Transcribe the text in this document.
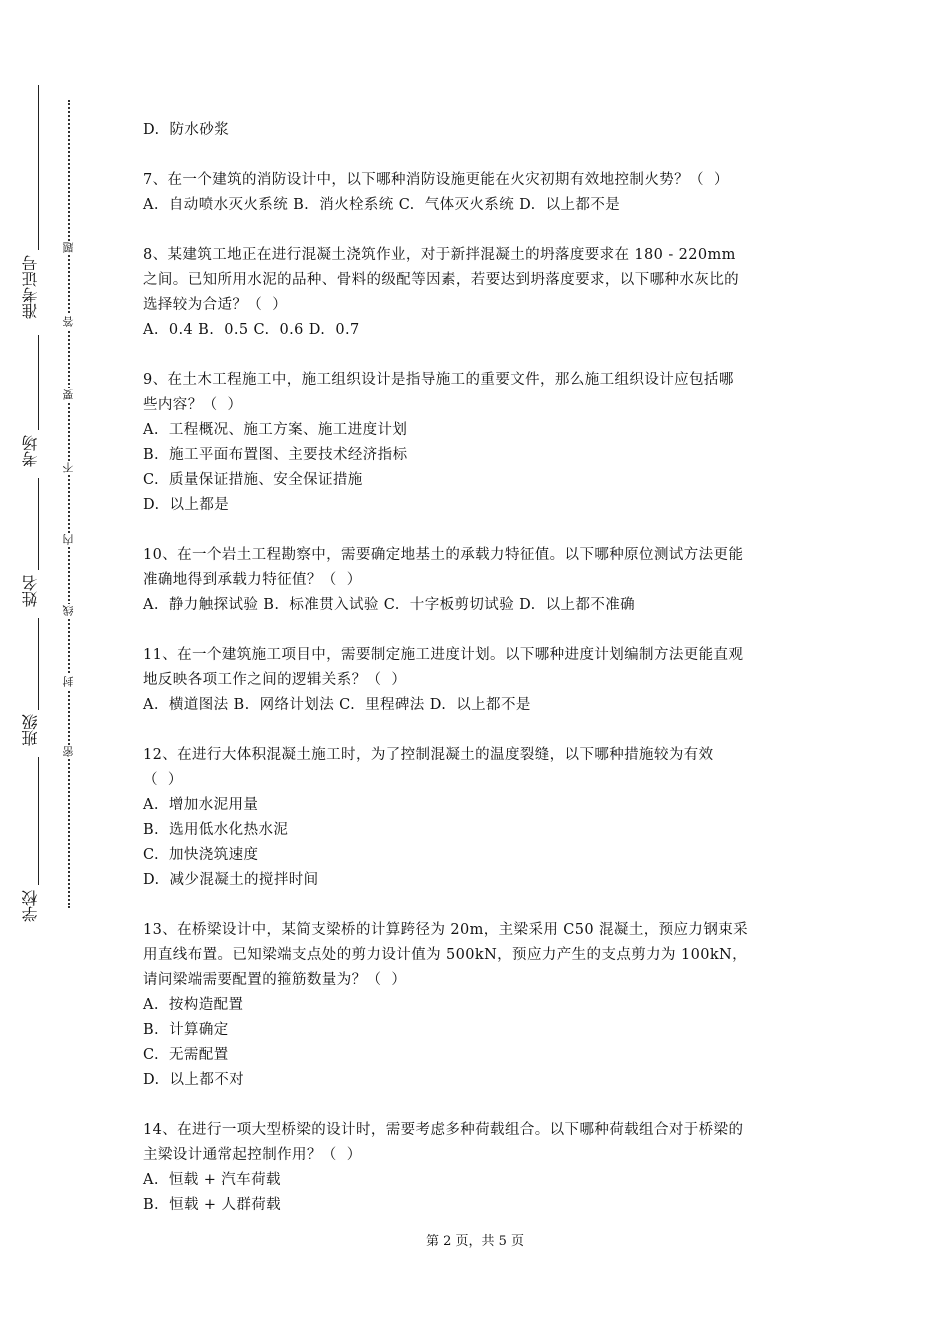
准考证号
考场
姓名
班级
学校
题
答
要
不
内
线
封
密
D.  防水砂浆
7、在一个建筑的消防设计中，以下哪种消防设施更能在火灾初期有效地控制火势？（  ）
A.  自动喷水灭火系统 B.  消火栓系统 C.  气体灭火系统 D.  以上都不是
8、某建筑工地正在进行混凝土浇筑作业，对于新拌混凝土的坍落度要求在 180 - 220mm
之间。已知所用水泥的品种、骨料的级配等因素，若要达到坍落度要求，以下哪种水灰比的
选择较为合适？（  ）
A.  0.4 B.  0.5 C.  0.6 D.  0.7
9、在土木工程施工中，施工组织设计是指导施工的重要文件，那么施工组织设计应包括哪
些内容？（  ）
A.  工程概况、施工方案、施工进度计划
B.  施工平面布置图、主要技术经济指标
C.  质量保证措施、安全保证措施
D.  以上都是
10、在一个岩土工程勘察中，需要确定地基土的承载力特征值。以下哪种原位测试方法更能
准确地得到承载力特征值？（  ）
A.  静力触探试验 B.  标准贯入试验 C.  十字板剪切试验 D.  以上都不准确
11、在一个建筑施工项目中，需要制定施工进度计划。以下哪种进度计划编制方法更能直观
地反映各项工作之间的逻辑关系？（  ）
A.  横道图法 B.  网络计划法 C.  里程碑法 D.  以上都不是
12、在进行大体积混凝土施工时，为了控制混凝土的温度裂缝，以下哪种措施较为有效
（  ）
A.  增加水泥用量
B.  选用低水化热水泥
C.  加快浇筑速度
D.  减少混凝土的搅拌时间
13、在桥梁设计中，某简支梁桥的计算跨径为 20m，主梁采用 C50 混凝土，预应力钢束采
用直线布置。已知梁端支点处的剪力设计值为 500kN，预应力产生的支点剪力为 100kN，
请问梁端需要配置的箍筋数量为？（  ）
A.  按构造配置
B.  计算确定
C.  无需配置
D.  以上都不对
14、在进行一项大型桥梁的设计时，需要考虑多种荷载组合。以下哪种荷载组合对于桥梁的
主梁设计通常起控制作用？（  ）
A.  恒载 + 汽车荷载
B.  恒载 + 人群荷载
第 2 页，共 5 页
